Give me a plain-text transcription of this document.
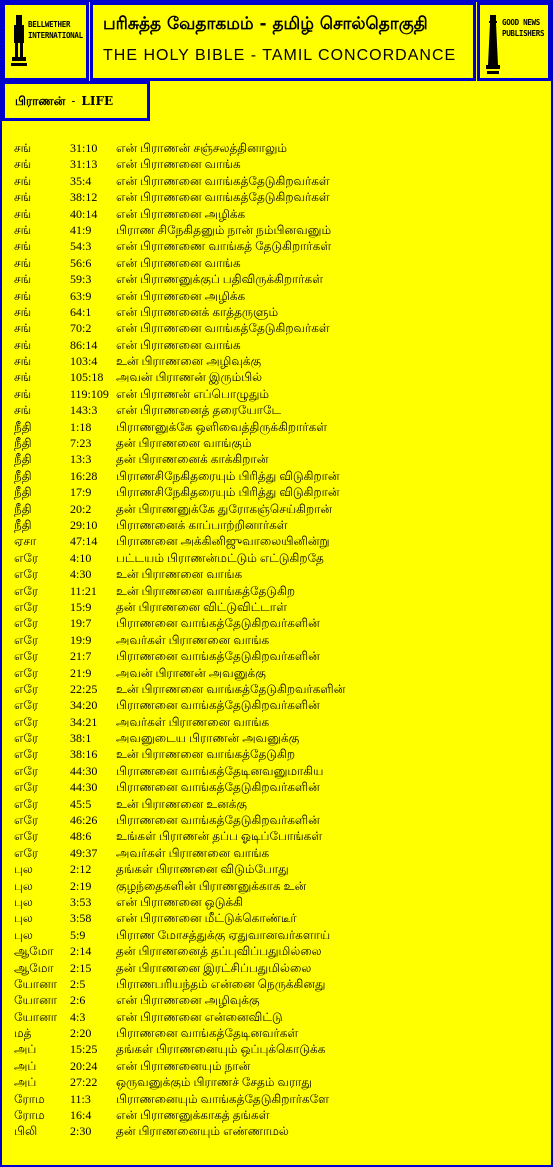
BELLWETHER
INTERNATIONAL
பரிசுத்த வேதாகமம் - தமிழ் சொல்தொகுதி
THE HOLY BIBLE - TAMIL CONCORDANCE
GOOD NEWS
PUBLISHERS
பிராணன் - LIFE
சங்	31:10 என் பிராணன் சஞ்சலத்தினாலும்
சங்	31:13 என் பிராணனை வாங்க
சங்	35:4 என் பிராணனை வாங்கத்தேடுகிறவர்கள்
சங்	38:12 என் பிராணனை வாங்கத்தேடுகிறவர்கள்
சங்	40:14 என் பிராணனை அழிக்க
சங்	41:9 பிராண சிநேகிதனும் நான் நம்பினவனும்
சங்	54:3 என் பிராணணை வாங்கத் தேடுகிறார்கள்
சங்	56:6 என் பிராணனை வாங்க
சங்	59:3 என் பிராணனுக்குப் பதிவிருக்கிறார்கள்
சங்	63:9 என் பிராணனை அழிக்க
சங்	64:1 என் பிராணனைக் காத்தருளும்
சங்	70:2 என் பிராணனை வாங்கத்தேடுகிறவர்கள்
சங்	86:14 என் பிராணனை வாங்க
சங்	103:4 உன் பிராணனை அழிவுக்கு
சங்	105:18 அவன் பிராணன் இரும்பில்
சங்	119:109 என் பிராணன் எப்பொழுதும்
சங்	143:3 என் பிராணனைத் தரையோடே
நீதி	1:18 பிராணனுக்கே ஒளிவைத்திருக்கிறார்கள்
நீதி	7:23 தன் பிராணனை வாங்கும்
நீதி	13:3 தன் பிராணனைக் காக்கிறான்
நீதி	16:28 பிராணசிநேகிதரையும் பிரித்து விடுகிறான்
நீதி	17:9 பிராணசிநேகிதரையும் பிரித்து விடுகிறான்
நீதி	20:2 தன் பிராணனுக்கே துரோகஞ்செய்கிறான்
நீதி	29:10 பிராணனைக் காப்பாற்றினார்கள்
ஏசா	47:14 பிராணனை அக்கினிஜுவாலையினின்று
எரே	4:10 பட்டயம் பிராணன்மட்டும் எட்டுகிறதே
எரே	4:30 உன் பிராணனை வாங்க
எரே	11:21 உன் பிராணனை வாங்கத்தேடுகிற
எரே	15:9 தன் பிராணனை விட்டுவிட்டாள்
எரே	19:7 பிராணனை வாங்கத்தேடுகிறவர்களின்
எரே	19:9 அவர்கள் பிராணனை வாங்க
எரே	21:7 பிராணனை வாங்கத்தேடுகிறவர்களின்
எரே	21:9 அவன் பிராணன் அவனுக்கு
எரே	22:25 உன் பிராணனை வாங்கத்தேடுகிறவர்களின்
எரே	34:20 பிராணனை வாங்கத்தேடுகிறவர்களின்
எரே	34:21 அவர்கள் பிராணனை வாங்க
எரே	38:1 அவனுடைய பிராணன் அவனுக்கு
எரே	38:16 உன் பிராணனை வாங்கத்தேடுகிற
எரே	44:30 பிராணனை வாங்கத்தேடினவனுமாகிய
எரே	44:30 பிராணனை வாங்கத்தேடுகிறவர்களின்
எரே	45:5 உன் பிராணனை உனக்கு
எரே	46:26 பிராணனை வாங்கத்தேடுகிறவர்களின்
எரே	48:6 உங்கள் பிராணன் தப்ப ஓடிப்போங்கள்
எரே	49:37 அவர்கள் பிராணனை வாங்க
புல	2:12 தங்கள் பிராணனை விடும்போது
புல	2:19 குழந்தைகளின் பிராணனுக்காக உன்
புல	3:53 என் பிராணனை ஒடுக்கி
புல	3:58 என் பிராணனை மீட்டுக்கொண்டீர்
புல	5:9	பிராண மோசத்துக்கு ஏதுவானவர்களாய்
ஆமோ 2:14 தன் பிராணனைத் தப்புவிப்பதுமில்லை
ஆமோ 2:15 தன் பிராணனை இரட்சிப்பதுமில்லை
யோனா 2:5	பிராணபரியந்தம் என்னை நெருக்கினது
யோனா 2:6	என் பிராணனை அழிவுக்கு
யோனா 4:3	என் பிராணனை என்னைவிட்டு
மத்	2:20 பிராணனை வாங்கத்தேடினவர்கள்
அப்	15:25 தங்கள் பிராணனையும் ஒப்புக்கொடுக்க
அப்	20:24 என் பிராணனையும் நான்
அப்	27:22 ஒருவனுக்கும் பிராணச் சேதம் வராது
ரோம 11:3 பிராணனையும் வாங்கத்தேடுகிறார்களே
ரோம 16:4 என் பிராணனுக்காகத் தங்கள்
பிலி	2:30 தன் பிராணனையும் எண்ணாமல்
